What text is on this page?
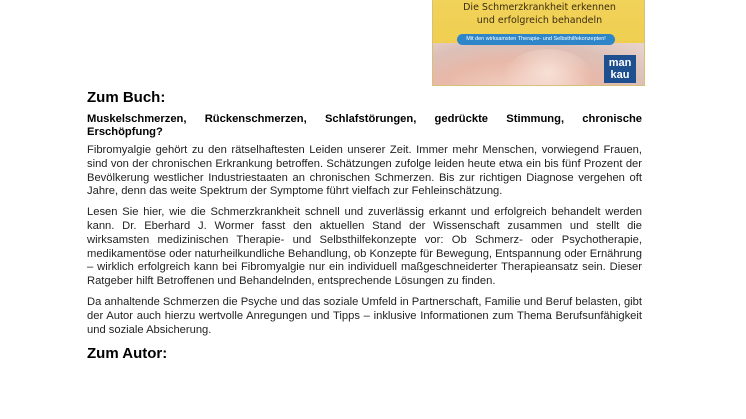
Die Schmerzkrankheit erkennen
und erfolgreich behandeln
Mit den wirksamsten Therapie- und Selbsthilfekonzepten!
man
kau
Zum Buch:
Muskelschmerzen, Rückenschmerzen, Schlafstörungen, gedrückte Stimmung, chronische Erschöpfung?

Fibromyalgie gehört zu den rätselhaftesten Leiden unserer Zeit. Immer mehr Menschen, vorwiegend Frauen, sind von der chronischen Erkrankung betroffen. Schätzungen zufolge leiden heute etwa ein bis fünf Prozent der Bevölkerung westlicher Industriestaaten an chronischen Schmerzen. Bis zur richtigen Diagnose vergehen oft Jahre, denn das weite Spektrum der Symptome führt vielfach zur Fehleinschätzung.

Lesen Sie hier, wie die Schmerzkrankheit schnell und zuverlässig erkannt und erfolgreich behandelt werden kann. Dr. Eberhard J. Wormer fasst den aktuellen Stand der Wissenschaft zusammen und stellt die wirksamsten medizinischen Therapie- und Selbsthilfekonzepte vor: Ob Schmerz- oder Psychotherapie, medikamentöse oder naturheilkundliche Behandlung, ob Konzepte für Bewegung, Entspannung oder Ernährung – wirklich erfolgreich kann bei Fibromyalgie nur ein individuell maßgeschneiderter Therapieansatz sein. Dieser Ratgeber hilft Betroffenen und Behandelnden, entsprechende Lösungen zu finden.

Da anhaltende Schmerzen die Psyche und das soziale Umfeld in Partnerschaft, Familie und Beruf belasten, gibt der Autor auch hierzu wertvolle Anregungen und Tipps – inklusive Informationen zum Thema Berufsunfähigkeit und soziale Absicherung.

Zum Autor:
